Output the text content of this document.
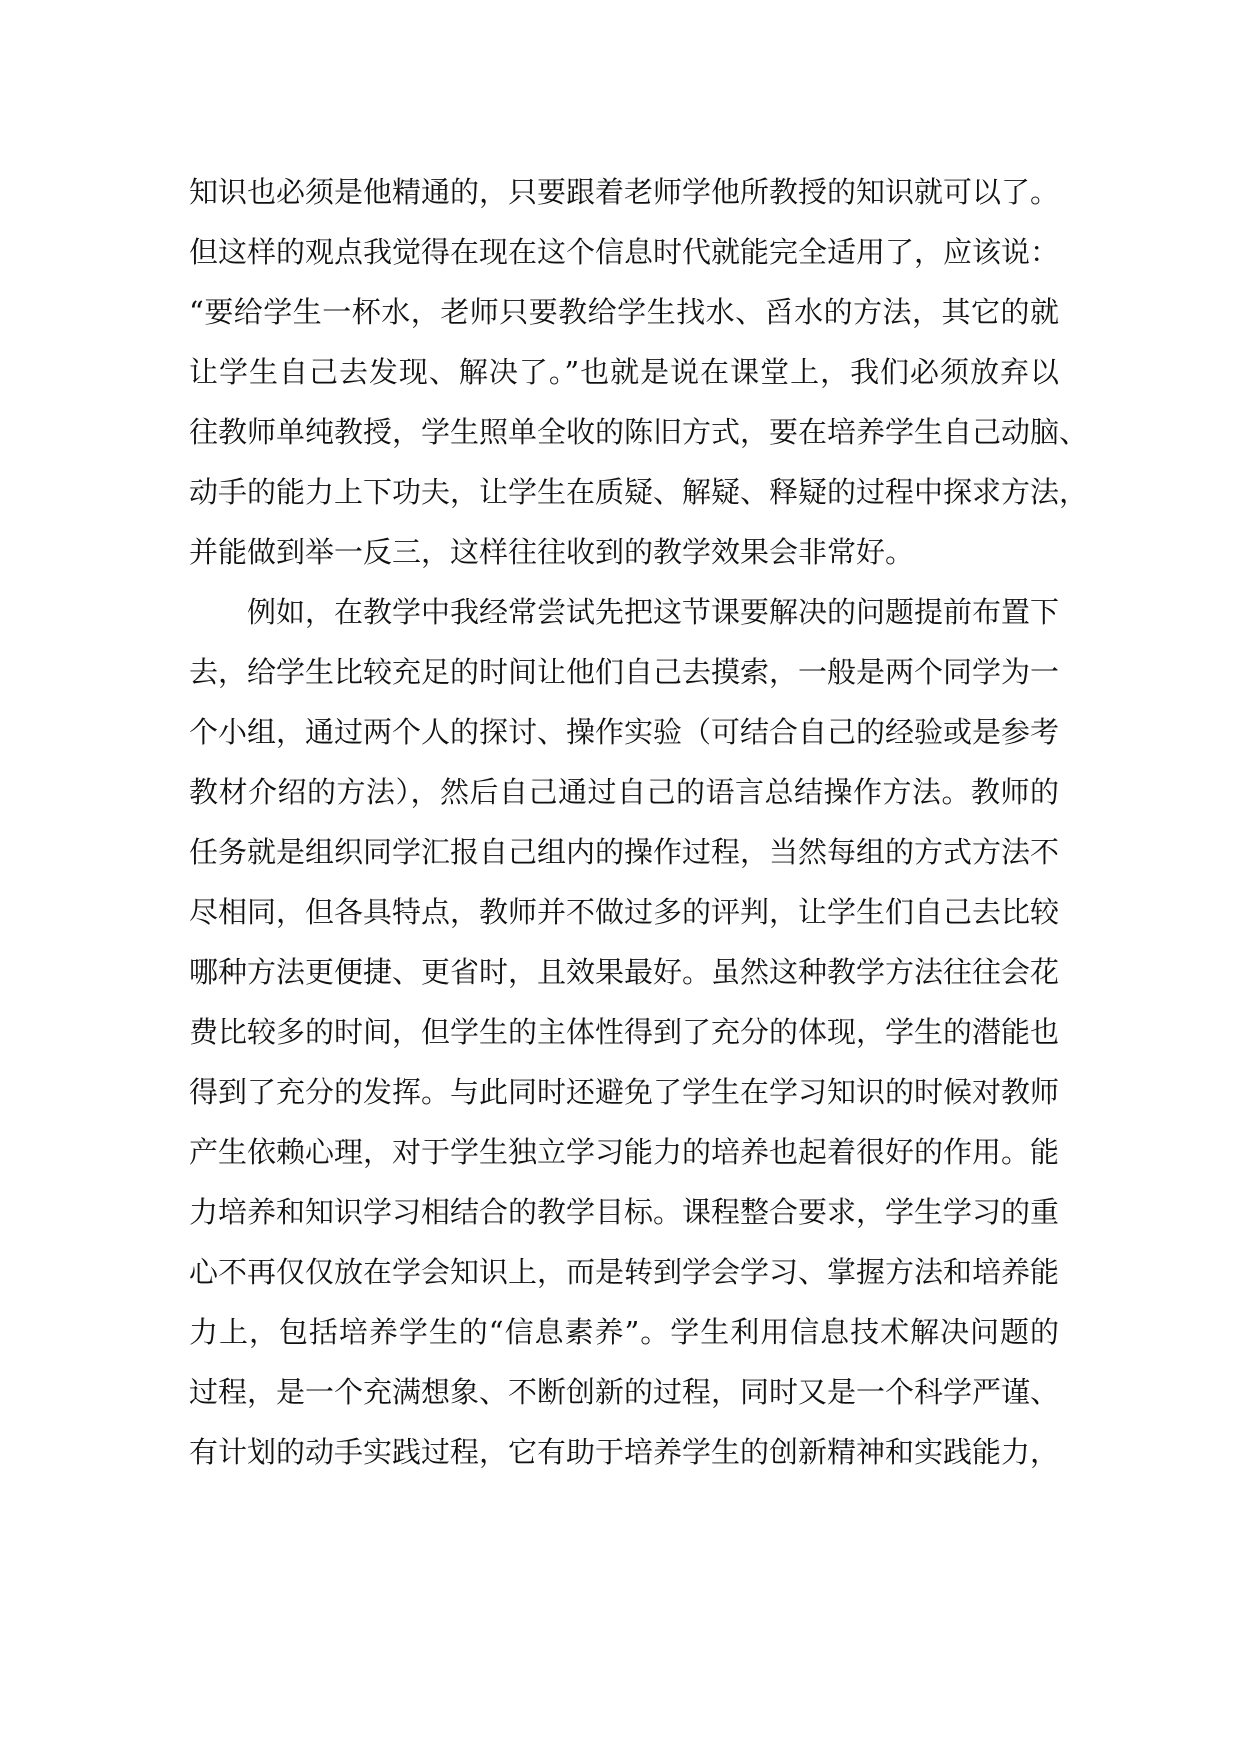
知识也必须是他精通的，只要跟着老师学他所教授的知识就可以了。
但这样的观点我觉得在现在这个信息时代就能完全适用了，应该说：
“要给学生一杯水，老师只要教给学生找水、舀水的方法，其它的就
让学生自己去发现、解决了。”也就是说在课堂上，我们必须放弃以
往教师单纯教授，学生照单全收的陈旧方式，要在培养学生自己动脑、
动手的能力上下功夫，让学生在质疑、解疑、释疑的过程中探求方法，
并能做到举一反三，这样往往收到的教学效果会非常好。
例如，在教学中我经常尝试先把这节课要解决的问题提前布置下
去，给学生比较充足的时间让他们自己去摸索，一般是两个同学为一
个小组，通过两个人的探讨、操作实验（可结合自己的经验或是参考
教材介绍的方法），然后自己通过自己的语言总结操作方法。教师的
任务就是组织同学汇报自己组内的操作过程，当然每组的方式方法不
尽相同，但各具特点，教师并不做过多的评判，让学生们自己去比较
哪种方法更便捷、更省时，且效果最好。虽然这种教学方法往往会花
费比较多的时间，但学生的主体性得到了充分的体现，学生的潜能也
得到了充分的发挥。与此同时还避免了学生在学习知识的时候对教师
产生依赖心理，对于学生独立学习能力的培养也起着很好的作用。能
力培养和知识学习相结合的教学目标。课程整合要求，学生学习的重
心不再仅仅放在学会知识上，而是转到学会学习、掌握方法和培养能
力上，包括培养学生的“信息素养”。学生利用信息技术解决问题的
过程，是一个充满想象、不断创新的过程，同时又是一个科学严谨、
有计划的动手实践过程，它有助于培养学生的创新精神和实践能力，
